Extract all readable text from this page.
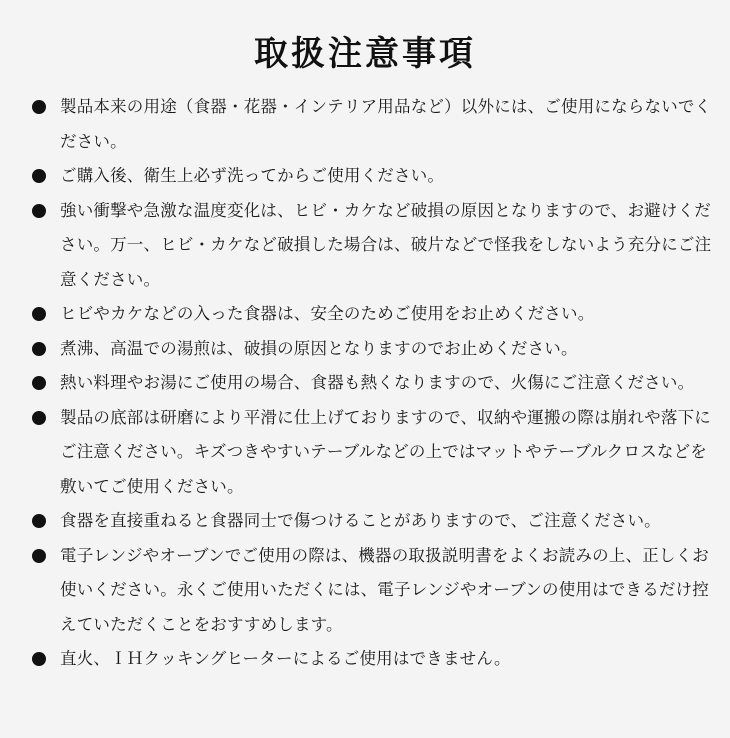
取扱注意事項
製品本来の用途（食器・花器・インテリア用品など）以外には、ご使用にならないでください。
ご購入後、衛生上必ず洗ってからご使用ください。
強い衝撃や急激な温度変化は、ヒビ・カケなど破損の原因となりますので、お避けください。万一、ヒビ・カケなど破損した場合は、破片などで怪我をしないよう充分にご注意ください。
ヒビやカケなどの入った食器は、安全のためご使用をお止めください。
煮沸、高温での湯煎は、破損の原因となりますのでお止めください。
熱い料理やお湯にご使用の場合、食器も熱くなりますので、火傷にご注意ください。
製品の底部は研磨により平滑に仕上げておりますので、収納や運搬の際は崩れや落下にご注意ください。キズつきやすいテーブルなどの上ではマットやテーブルクロスなどを敷いてご使用ください。
食器を直接重ねると食器同士で傷つけることがありますので、ご注意ください。
電子レンジやオーブンでご使用の際は、機器の取扱説明書をよくお読みの上、正しくお使いください。永くご使用いただくには、電子レンジやオーブンの使用はできるだけ控えていただくことをおすすめします。
直火、ＩＨクッキングヒーターによるご使用はできません。
